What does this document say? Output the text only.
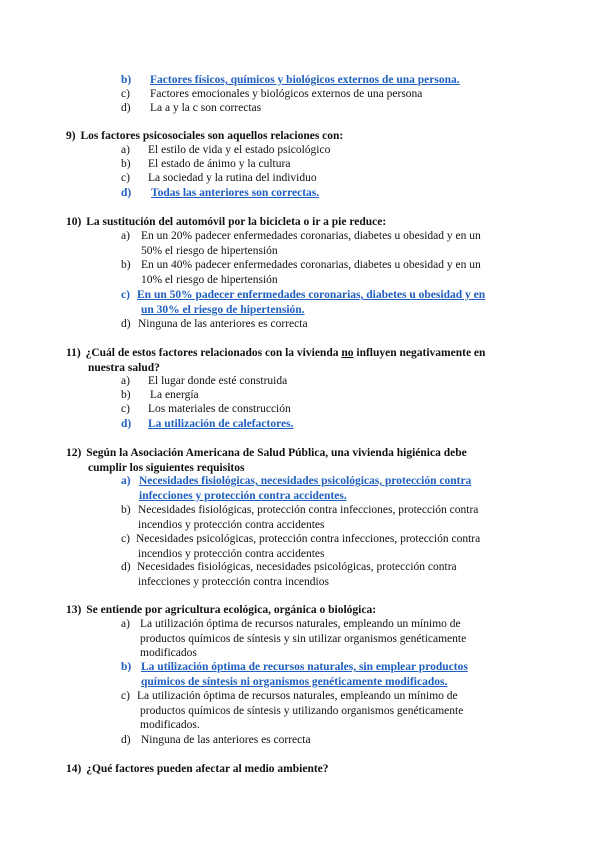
b) Factores físicos, químicos y biológicos externos de una persona.
c) Factores emocionales y biológicos externos de una persona
d) La a y la c son correctas
9) Los factores psicosociales son aquellos relaciones con:
a) El estilo de vida y el estado psicológico
b) El estado de ánimo y la cultura
c) La sociedad y la rutina del individuo
d) Todas las anteriores son correctas.
10) La sustitución del automóvil por la bicicleta o ir a pie reduce:
a) En un 20% padecer enfermedades coronarias, diabetes u obesidad y en un
50% el riesgo de hipertensión
b) En un 40% padecer enfermedades coronarias, diabetes u obesidad y en un
10% el riesgo de hipertensión
c) En un 50% padecer enfermedades coronarias, diabetes u obesidad y en
un 30% el riesgo de hipertensión.
d) Ninguna de las anteriores es correcta
11) ¿Cuál de estos factores relacionados con la vivienda no influyen negativamente en
nuestra salud?
a) El lugar donde esté construida
b) La energía
c) Los materiales de construcción
d) La utilización de calefactores.
12) Según la Asociación Americana de Salud Pública, una vivienda higiénica debe
cumplir los siguientes requisitos
a) Necesidades fisiológicas, necesidades psicológicas, protección contra
infecciones y protección contra accidentes.
b) Necesidades fisiológicas, protección contra infecciones, protección contra
incendios y protección contra accidentes
c) Necesidades psicológicas, protección contra infecciones, protección contra
incendios y protección contra accidentes
d) Necesidades fisiológicas, necesidades psicológicas, protección contra
infecciones y protección contra incendios
13) Se entiende por agricultura ecológica, orgánica o biológica:
a) La utilización óptima de recursos naturales, empleando un mínimo de
productos químicos de síntesis y sin utilizar organismos genéticamente
modificados
b) La utilización óptima de recursos naturales, sin emplear productos
químicos de síntesis ni organismos genéticamente modificados.
c) La utilización óptima de recursos naturales, empleando un mínimo de
productos químicos de síntesis y utilizando organismos genéticamente
modificados.
d) Ninguna de las anteriores es correcta
14) ¿Qué factores pueden afectar al medio ambiente?
